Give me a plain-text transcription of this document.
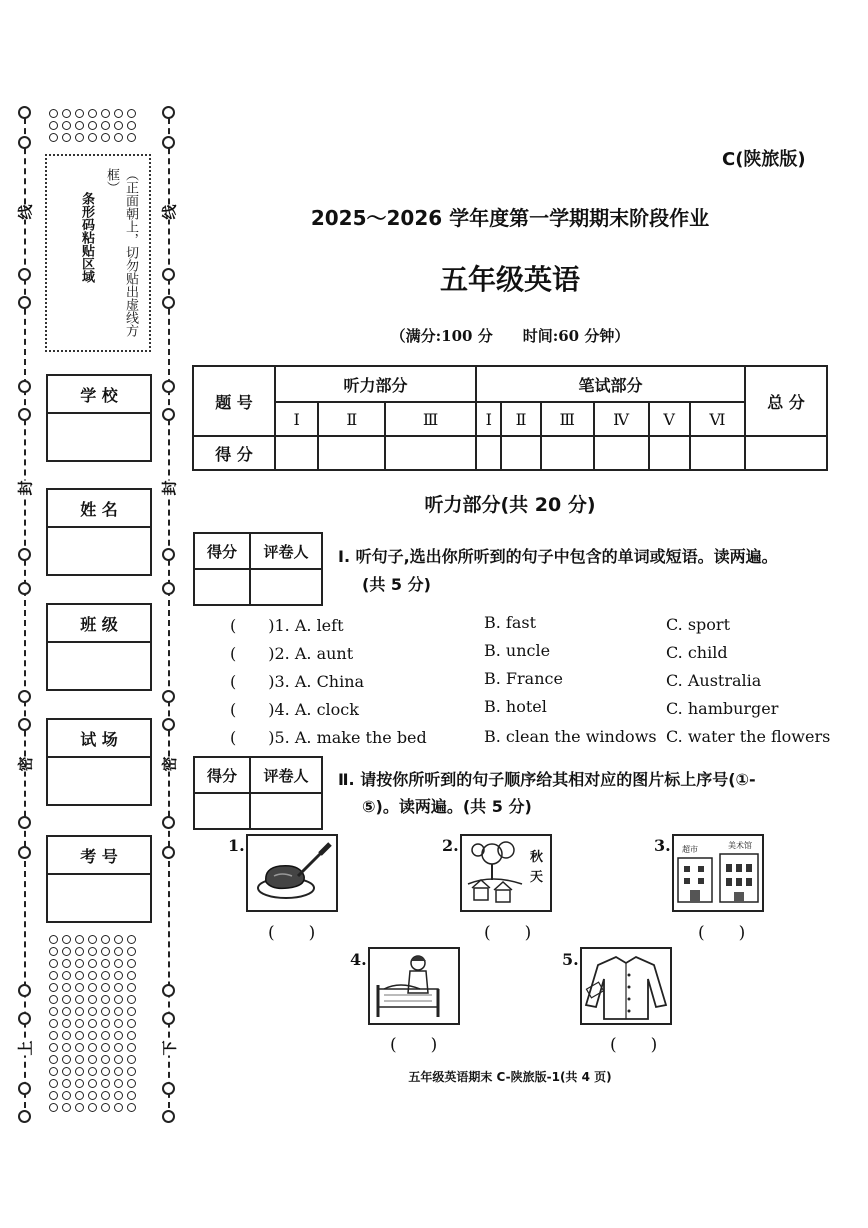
线
封
密
上
线
封
密
下
条形码粘贴区域	（正面朝上，切勿贴出虚线方框）
学 校
姓 名
班 级
试 场
考 号
C(陕旅版)
2025～2026 学年度第一学期期末阶段作业
五年级英语
（满分:100 分　　时间:60 分钟）
题 号	听力部分			笔试部分						总 分
	Ⅰ	Ⅱ	Ⅲ	Ⅰ	Ⅱ	Ⅲ	Ⅳ	Ⅴ	Ⅵ	
得 分										
听力部分(共 20 分)
得分	评卷人
	Ⅰ. 听句子,选出你所听到的句子中包含的单词或短语。读两遍。
(共 5 分)
(　　)1. A. left	B. fast	C. sport
(　　)2. A. aunt	B. uncle	C. child
(　　)3. A. China	B. France	C. Australia
(　　)4. A. clock	B. hotel	C. hamburger
(　　)5. A. make the bed	B. clean the windows C. water the flowers
得分	评卷人
	Ⅱ. 请按你所听到的句子顺序给其相对应的图片标上序号(①-
⑤)。读两遍。(共 5 分)
1.
(　　)
2.
秋天
(　　)
3. 超市	美术馆
(　　)
4.
(　　)
5.
(　　)
五年级英语期末 C-陕旅版-1(共 4 页)
